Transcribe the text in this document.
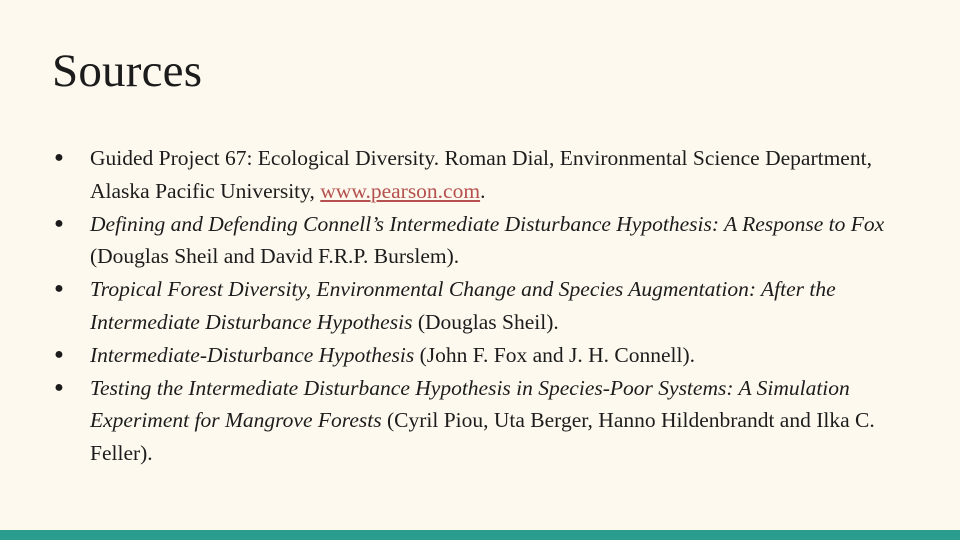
Sources
● Guided Project 67: Ecological Diversity. Roman Dial, Environmental Science Department, Alaska Pacific University, www.pearson.com.
● Defining and Defending Connell’s Intermediate Disturbance Hypothesis: A Response to Fox (Douglas Sheil and David F.R.P. Burslem).
● Tropical Forest Diversity, Environmental Change and Species Augmentation: After the Intermediate Disturbance Hypothesis (Douglas Sheil).
● Intermediate-Disturbance Hypothesis (John F. Fox and J. H. Connell).
● Testing the Intermediate Disturbance Hypothesis in Species-Poor Systems: A Simulation Experiment for Mangrove Forests (Cyril Piou, Uta Berger, Hanno Hildenbrandt and Ilka C. Feller).
